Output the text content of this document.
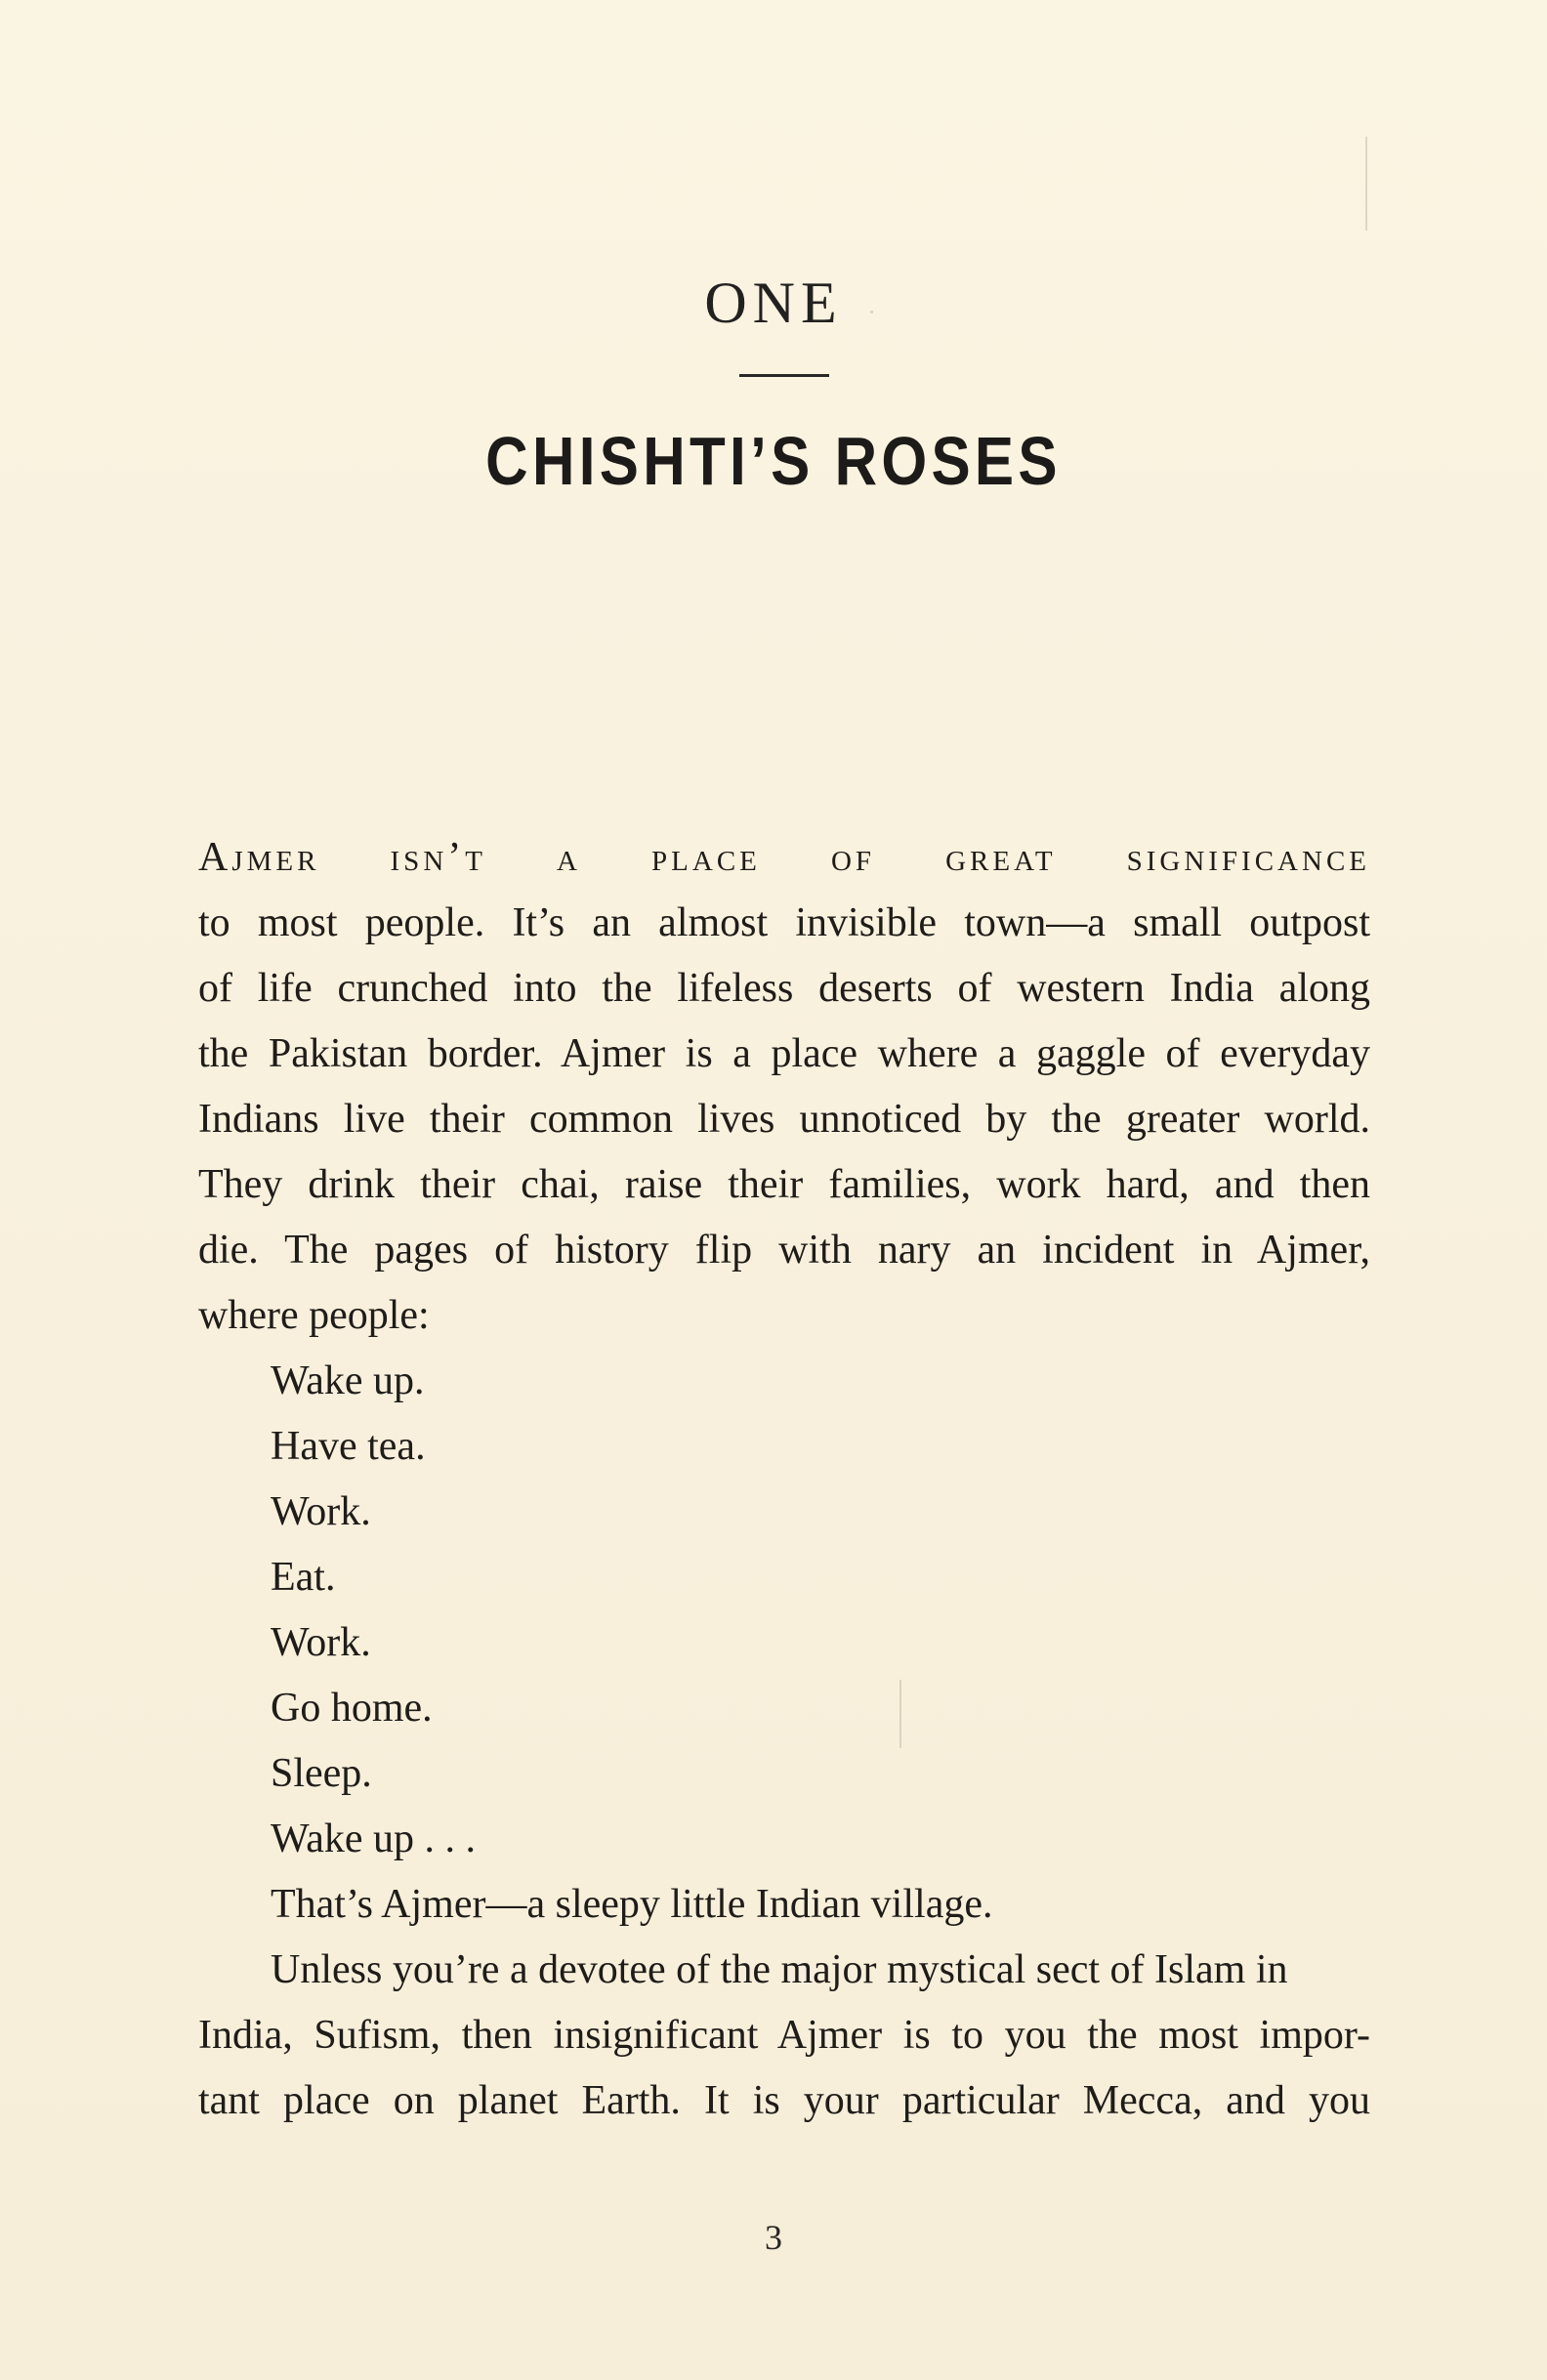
ONE
CHISHTI’S ROSES
Ajmer isn’t a place of great significance
to most people. It’s an almost invisible town—a small outpost
of life crunched into the lifeless deserts of western India along
the Pakistan border. Ajmer is a place where a gaggle of everyday
Indians live their common lives unnoticed by the greater world.
They drink their chai, raise their families, work hard, and then
die. The pages of history flip with nary an incident in Ajmer,
where people:
Wake up.
Have tea.
Work.
Eat.
Work.
Go home.
Sleep.
Wake up . . .
That’s Ajmer—a sleepy little Indian village.
Unless you’re a devotee of the major mystical sect of Islam in
India, Sufism, then insignificant Ajmer is to you the most impor-
tant place on planet Earth. It is your particular Mecca, and you
3
